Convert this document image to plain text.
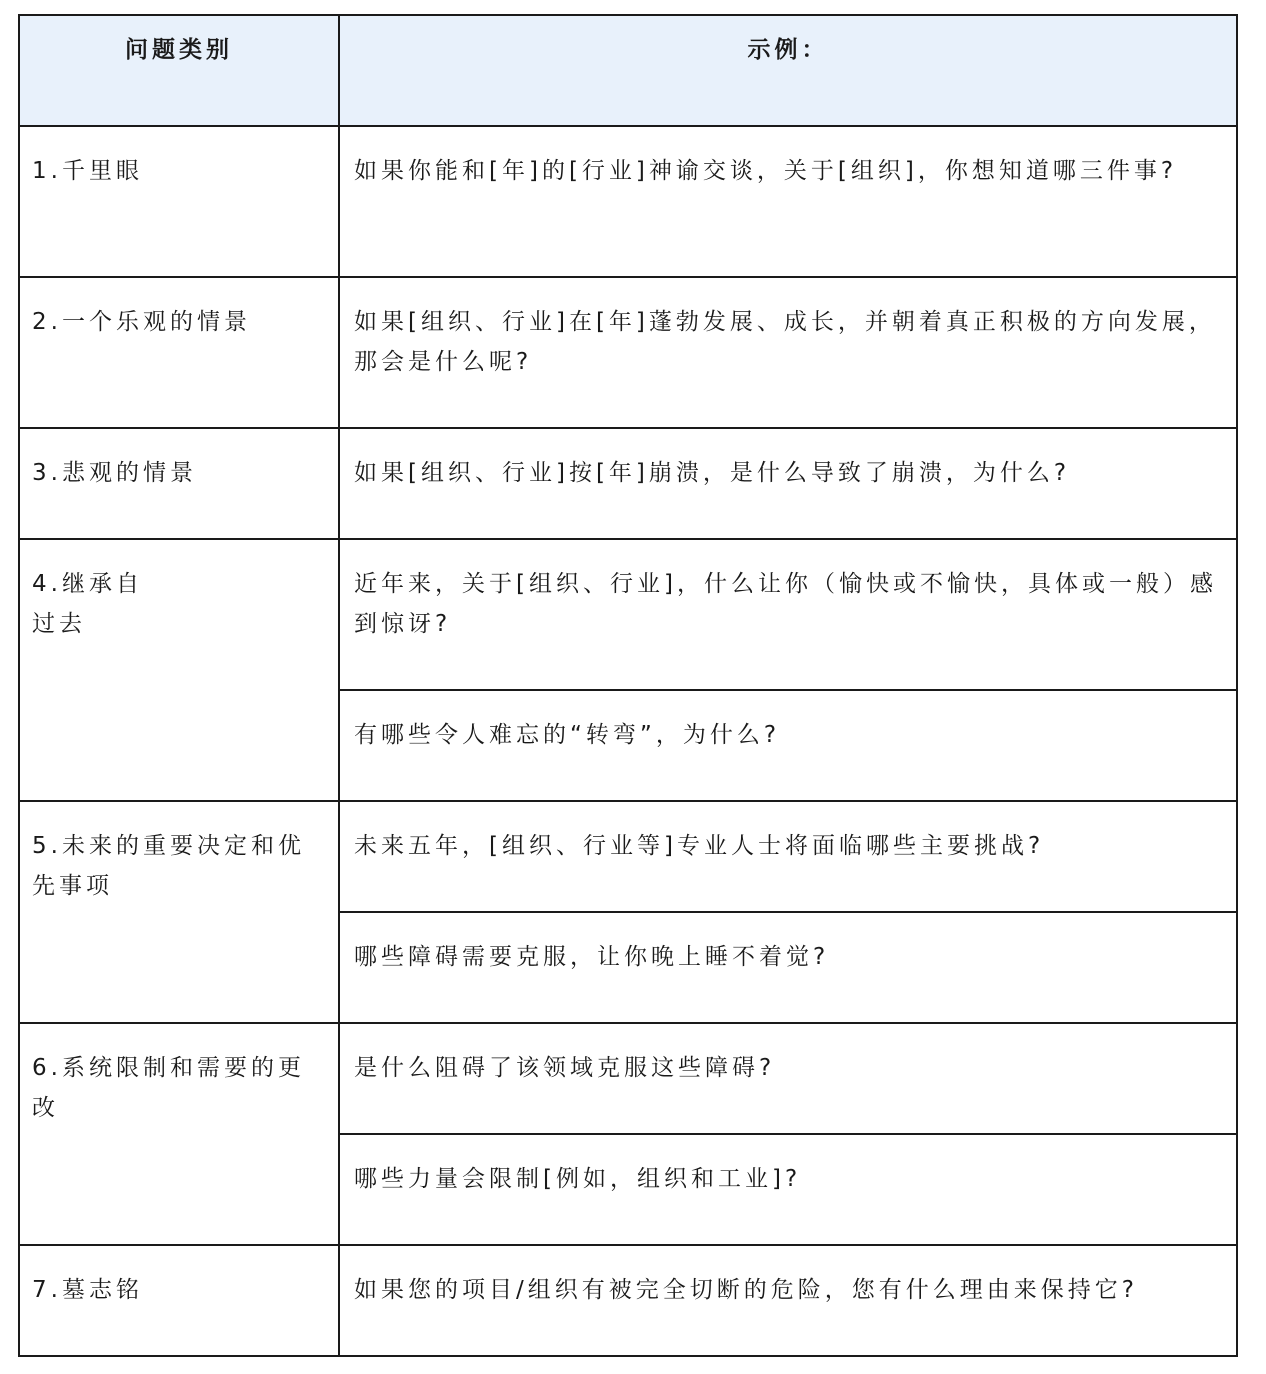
问题类别	示例：
1.千里眼	如果你能和[年]的[行业]神谕交谈，关于[组织]，你想知道哪三件事?
2.一个乐观的情景	如果[组织、行业]在[年]蓬勃发展、成长，并朝着真正积极的方向发展，那会是什么呢?
3.悲观的情景	如果[组织、行业]按[年]崩溃，是什么导致了崩溃，为什么?
4.继承自
过去	近年来，关于[组织、行业]，什么让你（愉快或不愉快，具体或一般）感到惊讶?
	有哪些令人难忘的“转弯”，为什么?
5.未来的重要决定和优先事项	未来五年，[组织、行业等]专业人士将面临哪些主要挑战?
	哪些障碍需要克服，让你晚上睡不着觉?
6.系统限制和需要的更改	是什么阻碍了该领域克服这些障碍?
	哪些力量会限制[例如，组织和工业]?
7.墓志铭	如果您的项目/组织有被完全切断的危险，您有什么理由来保持它?
